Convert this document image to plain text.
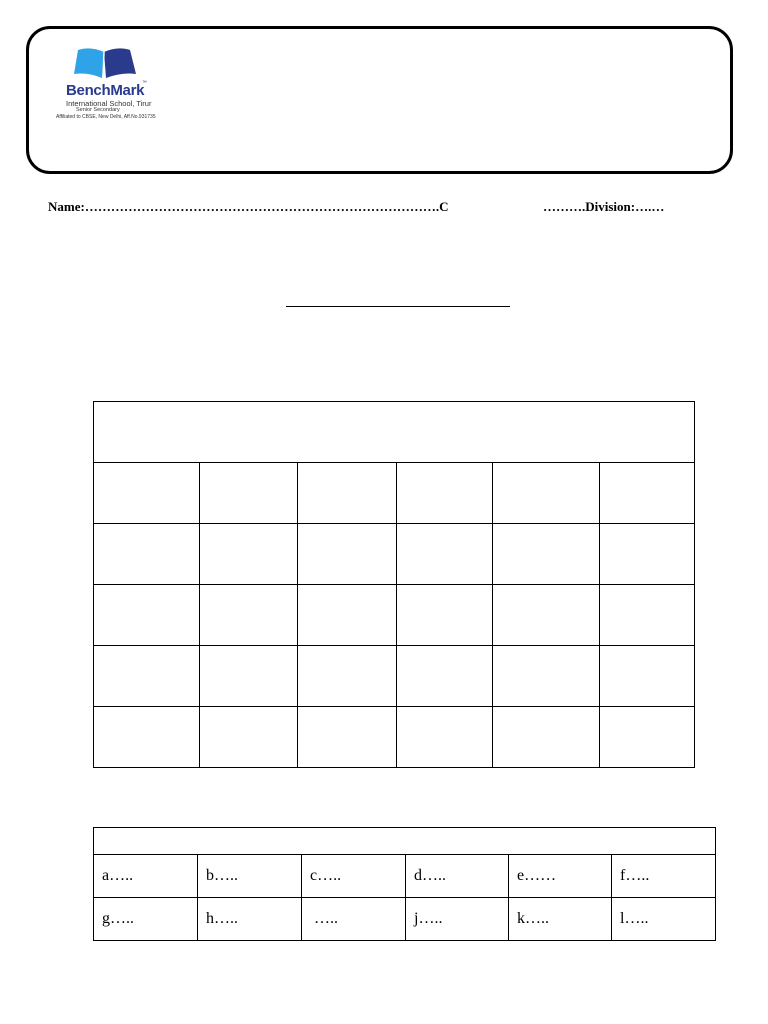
BenchMark
™
International School, Tirur
Senior Secondary
Affiliated to CBSE, New Delhi, Aff.No.931735
Name:……………………………………………………………………….C	……….Division:….…

a…..	b…..	c…..	d…..	e……	f…..
g…..	h…..	…..	j…..	k…..	l…..
